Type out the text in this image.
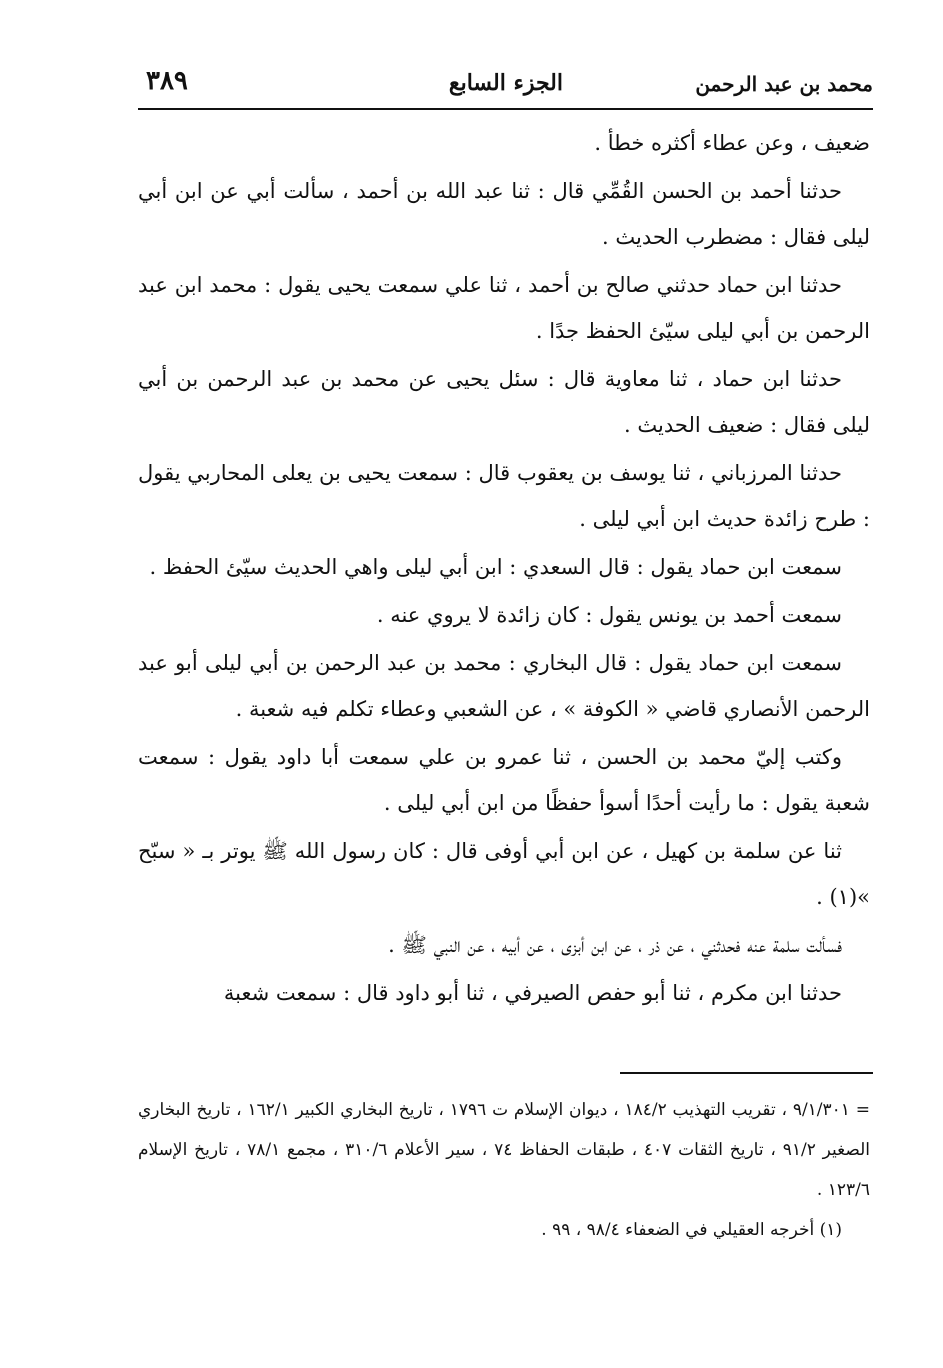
محمد بن عبد الرحمن
الجزء السابع
٣٨٩

ضعيف ، وعن عطاء أكثره خطأ .

حدثنا أحمد بن الحسن القُمِّي قال : ثنا عبد الله بن أحمد ، سألت أبي عن ابن أبي ليلى فقال : مضطرب الحديث .

حدثنا ابن حماد حدثني صالح بن أحمد ، ثنا علي سمعت يحيى يقول : محمد ابن عبد الرحمن بن أبي ليلى سيّئ الحفظ جدًا .

حدثنا ابن حماد ، ثنا معاوية قال : سئل يحيى عن محمد بن عبد الرحمن بن أبي ليلى فقال : ضعيف الحديث .

حدثنا المرزباني ، ثنا يوسف بن يعقوب قال : سمعت يحيى بن يعلى المحاربي يقول : طرح زائدة حديث ابن أبي ليلى .

سمعت ابن حماد يقول : قال السعدي : ابن أبي ليلى واهي الحديث سيّئ الحفظ .

سمعت أحمد بن يونس يقول : كان زائدة لا يروي عنه .

سمعت ابن حماد يقول : قال البخاري : محمد بن عبد الرحمن بن أبي ليلى أبو عبد الرحمن الأنصاري قاضي « الكوفة » ، عن الشعبي وعطاء تكلم فيه شعبة .

وكتب إليّ محمد بن الحسن ، ثنا عمرو بن علي سمعت أبا داود يقول : سمعت شعبة يقول : ما رأيت أحدًا أسوأ حفظًا من ابن أبي ليلى .

ثنا عن سلمة بن كهيل ، عن ابن أبي أوفى قال : كان رسول الله ﷺ يوتر بـ « سبّح »(١) .

فسألت سلمة عنه فحدثني ، عن ذر ، عن ابن أبزى ، عن أبيه ، عن النبي ﷺ .

حدثنا ابن مكرم ، ثنا أبو حفص الصيرفي ، ثنا أبو داود قال : سمعت شعبة

= ٩/١/٣٠١ ، تقريب التهذيب ١٨٤/٢ ، ديوان الإسلام ت ١٧٩٦ ، تاريخ البخاري الكبير ١٦٢/١ ، تاريخ البخاري الصغير ٩١/٢ ، تاريخ الثقات ٤٠٧ ، طبقات الحفاظ ٧٤ ، سير الأعلام ٣١٠/٦ ، مجمع ٧٨/١ ، تاريخ الإسلام ١٢٣/٦ .

(١) أخرجه العقيلي في الضعفاء ٩٨/٤ ، ٩٩ .
